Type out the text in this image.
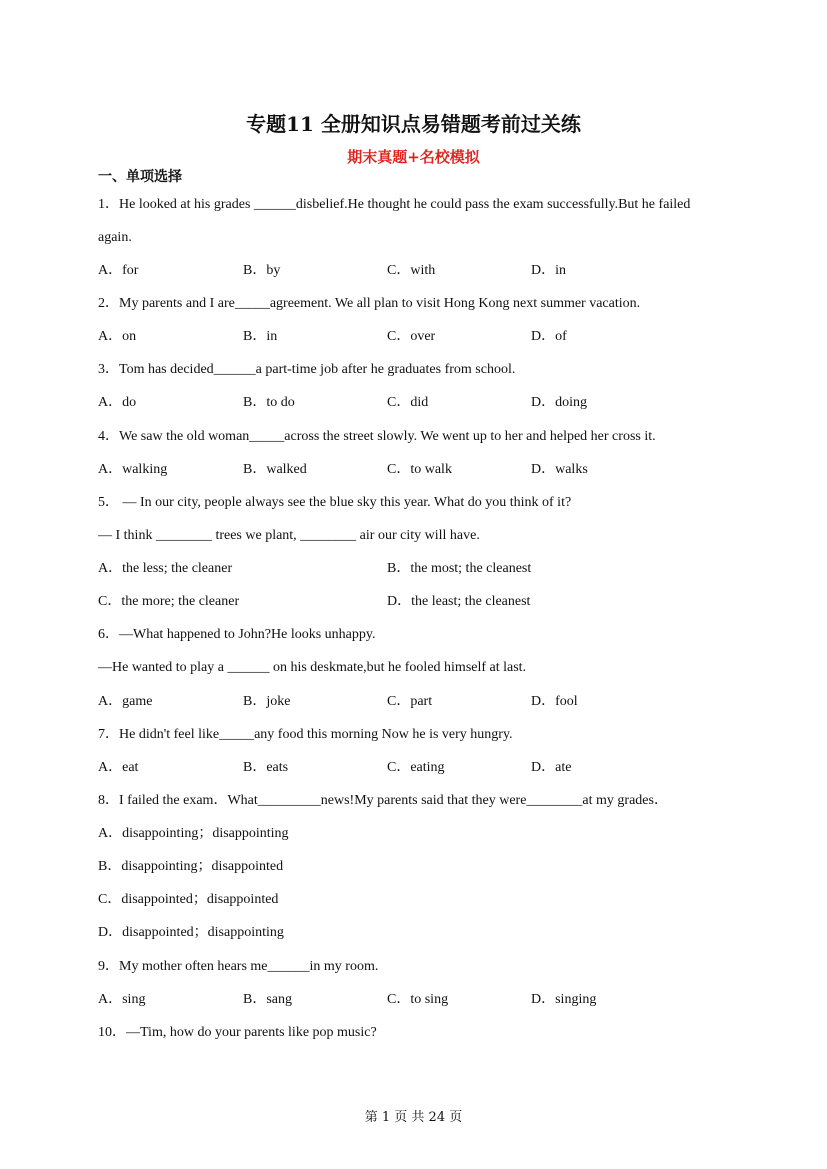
专题11 全册知识点易错题考前过关练
期末真题+名校模拟
一、单项选择
1．He looked at his grades ______disbelief.He thought he could pass the exam successfully.But he failed
again.
A．for	B．by	C．with	D．in
2．My parents and I are_____agreement. We all plan to visit Hong Kong next summer vacation.
A．on	B．in	C．over	D．of
3．Tom has decided______a part-time job after he graduates from school.
A．do	B．to do	C．did	D．doing
4．We saw the old woman_____across the street slowly. We went up to her and helped her cross it.
A．walking	B．walked	C．to walk	D．walks
5． — In our city, people always see the blue sky this year. What do you think of it?
— I think ________ trees we plant, ________ air our city will have.
A．the less; the cleaner	B．the most; the cleanest
C．the more; the cleaner	D．the least; the cleanest
6．—What happened to John?He looks unhappy.
—He wanted to play a ______ on his deskmate,but he fooled himself at last.
A．game	B．joke	C．part	D．fool
7．He didn't feel like_____any food this morning Now he is very hungry.
A．eat	B．eats	C．eating	D．ate
8．I failed the exam．What_________news!My parents said that they were________at my grades．
A．disappointing；disappointing
B．disappointing；disappointed
C．disappointed；disappointed
D．disappointed；disappointing
9．My mother often hears me______in my room.
A．sing	B．sang	C．to sing	D．singing
10．—Tim, how do your parents like pop music?
第 1 页 共 24 页
